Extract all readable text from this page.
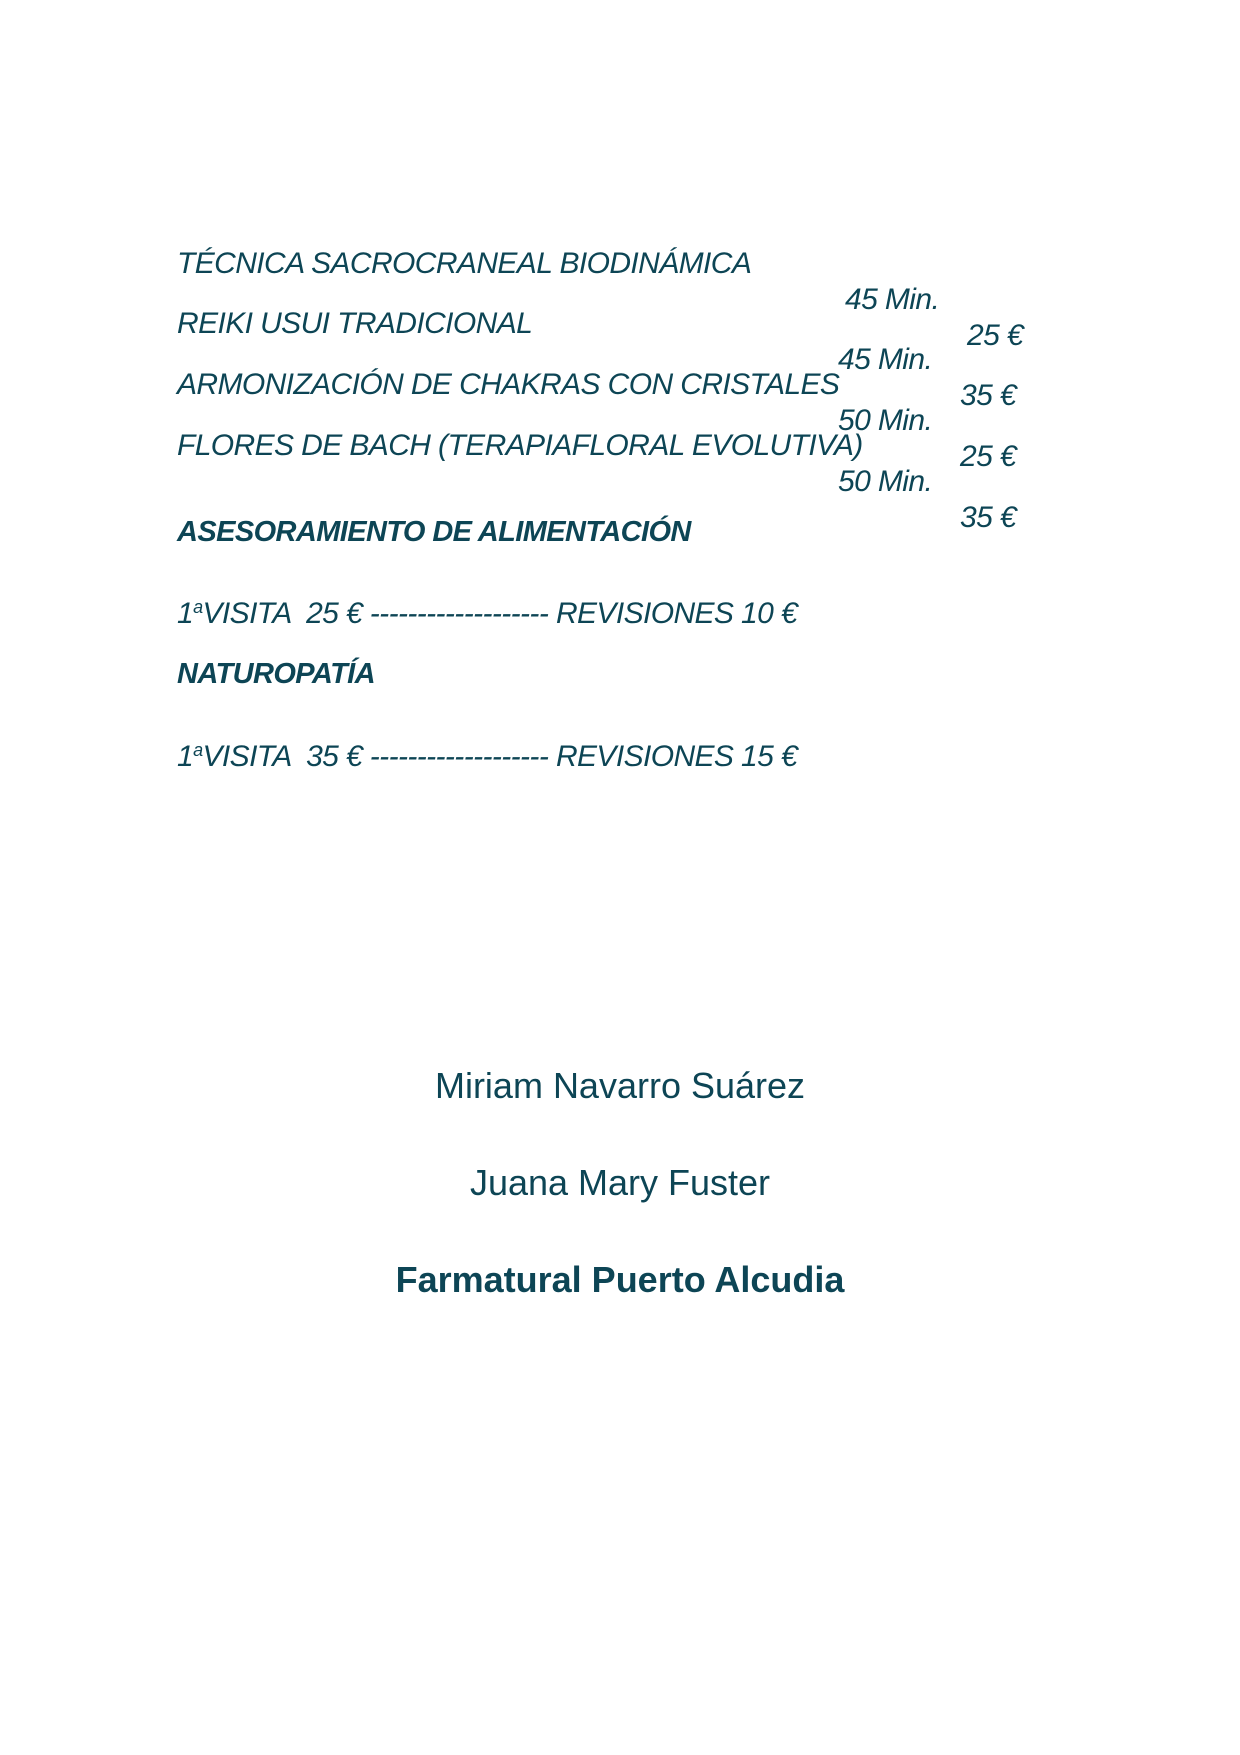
TÉCNICA SACROCRANEAL BIODINÁMICA

45 Min.

25 €

REIKI USUI TRADICIONAL

45 Min.

35 €

ARMONIZACIÓN DE CHAKRAS CON CRISTALES

50 Min.

25 €

FLORES DE BACH (TERAPIAFLORAL EVOLUTIVA)

50 Min.

35 €

ASESORAMIENTO DE ALIMENTACIÓN
1$^a$VISITA  25 € ------------------- REVISIONES 10 €
NATUROPATÍA
1$^a$VISITA  35 € ------------------- REVISIONES 15 €
Miriam Navarro Suárez
Juana Mary Fuster
Farmatural Puerto Alcudia
